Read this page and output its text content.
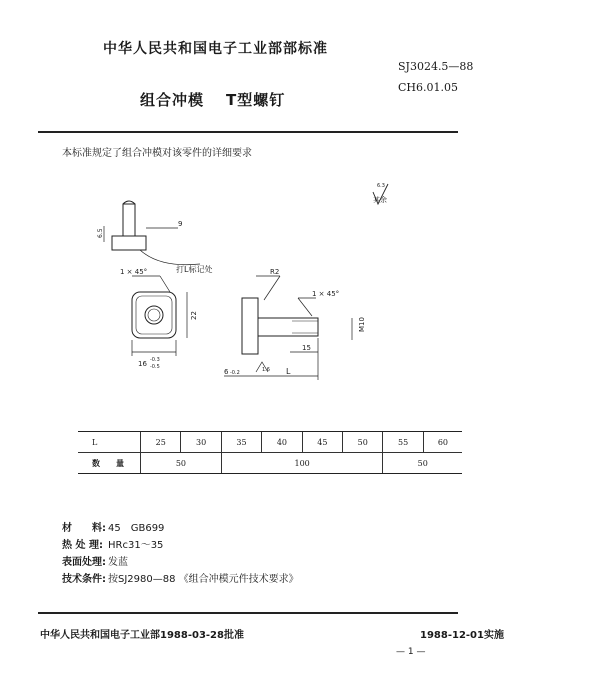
中华人民共和国电子工业部部标准
SJ3024.5—88
CH6.01.05
组合冲模 T型螺钉
本标准规定了组合冲模对该零件的详细要求
其余
6.3
6.5
9
打L标记处
1 × 45°
22
16 -0.3
-0.5
R2
1 × 45°
M10
15
L
6 -0.2	1.6
L	25	30	35	40	45	50	55	60
数　　量	50		100				50	
材　　料: 45　GB699
热 处 理: HRc31～35
表面处理: 发蓝
技术条件: 按SJ2980—88 《组合冲模元件技术要求》
中华人民共和国电子工业部1988-03-28批准	1988-12-01实施
— 1 —
